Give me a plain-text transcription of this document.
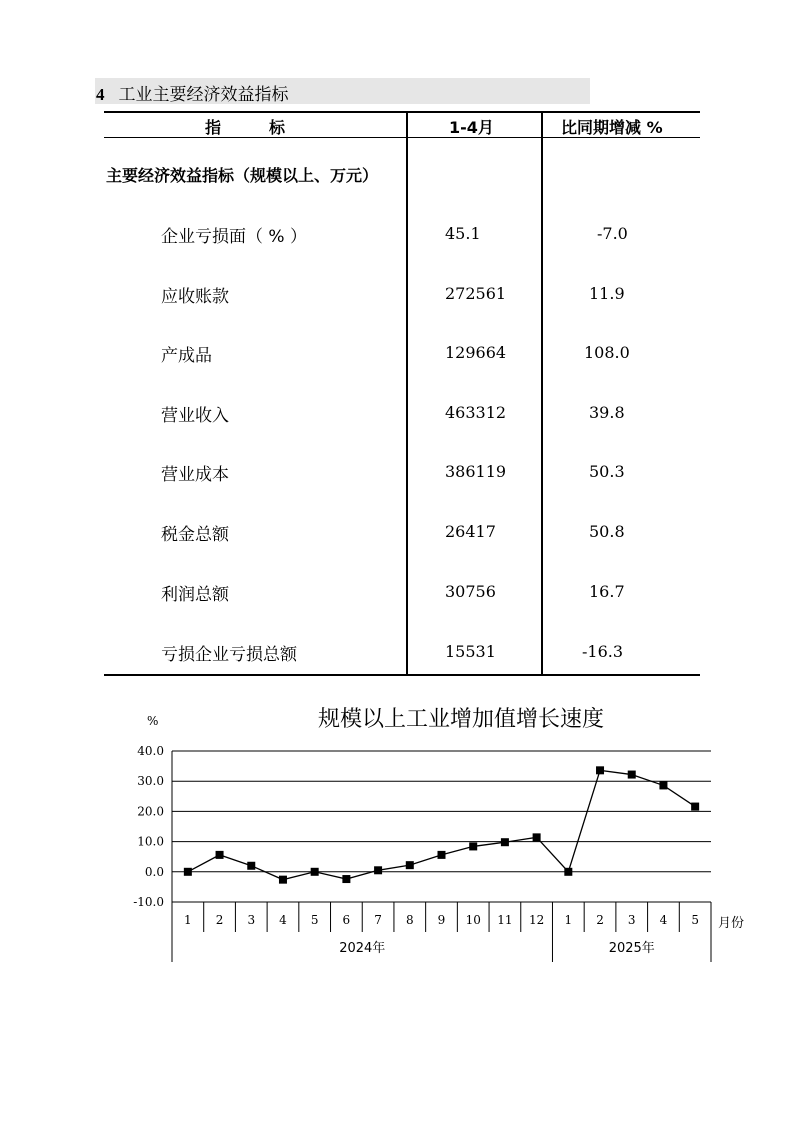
4 工业主要经济效益指标
指　　　标	1-4月	比同期增减 %
主要经济效益指标（规模以上、万元）
企业亏损面（ % ）	45.1	-7.0
应收账款	272561	11.9
产成品	129664	108.0
营业收入	463312	39.8
营业成本	386119	50.3
税金总额	26417	50.8
利润总额	30756	16.7
亏损企业亏损总额	15531	-16.3
规模以上工业增加值增长速度
%
月份
40.0
30.0
20.0
10.0
0.0
-10.0
1 2 3 4 5 6 7 8 9 10 11 12 1 2 3 4 5
2024年	2025年
